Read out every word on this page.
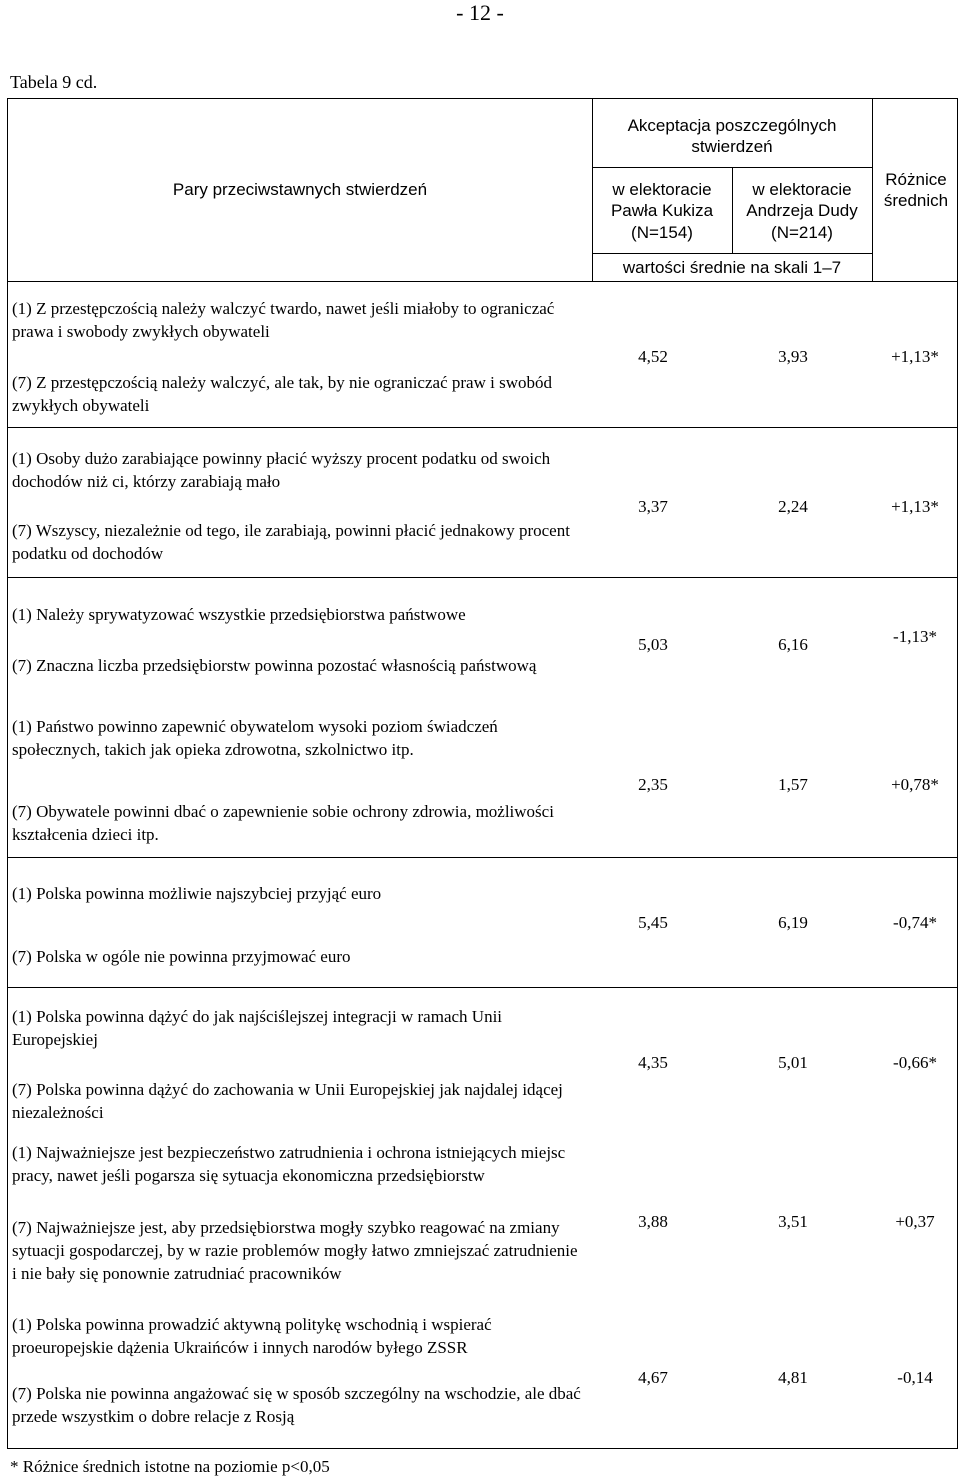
- 12 -
Tabela 9 cd.
Pary przeciwstawnych stwierdzeń
Akceptacja poszczególnych stwierdzeń
w elektoracie Pawła Kukiza (N=154)
w elektoracie Andrzeja Dudy (N=214)
wartości średnie na skali 1–7
Różnice średnich
(1) Z przestępczością należy walczyć twardo, nawet jeśli miałoby to ograniczać prawa i swobody zwykłych obywateli
(7) Z przestępczością należy walczyć, ale tak, by nie ograniczać praw i swobód zwykłych obywateli
4,52	3,93	+1,13*
(1) Osoby dużo zarabiające powinny płacić wyższy procent podatku od swoich dochodów niż ci, którzy zarabiają mało
(7) Wszyscy, niezależnie od tego, ile zarabiają, powinni płacić jednakowy procent podatku od dochodów
3,37	2,24	+1,13*
(1) Należy sprywatyzować wszystkie przedsiębiorstwa państwowe
(7) Znaczna liczba przedsiębiorstw powinna pozostać własnością państwową
5,03	6,16	-1,13*
(1) Państwo powinno zapewnić obywatelom wysoki poziom świadczeń społecznych, takich jak opieka zdrowotna, szkolnictwo itp.
(7) Obywatele powinni dbać o zapewnienie sobie ochrony zdrowia, możliwości kształcenia dzieci itp.
2,35	1,57	+0,78*
(1) Polska powinna możliwie najszybciej przyjąć euro
(7) Polska w ogóle nie powinna przyjmować euro
5,45	6,19	-0,74*
(1) Polska powinna dążyć do jak najściślejszej integracji w ramach Unii Europejskiej
(7) Polska powinna dążyć do zachowania w Unii Europejskiej jak najdalej idącej niezależności
4,35	5,01	-0,66*
(1) Najważniejsze jest bezpieczeństwo zatrudnienia i ochrona istniejących miejsc pracy, nawet jeśli pogarsza się sytuacja ekonomiczna przedsiębiorstw
(7) Najważniejsze jest, aby przedsiębiorstwa mogły szybko reagować na zmiany sytuacji gospodarczej, by w razie problemów mogły łatwo zmniejszać zatrudnienie i nie bały się ponownie zatrudniać pracowników
3,88	3,51	+0,37
(1) Polska powinna prowadzić aktywną politykę wschodnią i wspierać proeuropejskie dążenia Ukraińców i innych narodów byłego ZSSR
(7) Polska nie powinna angażować się w sposób szczególny na wschodzie, ale dbać przede wszystkim o dobre relacje z Rosją
4,67	4,81	-0,14
* Różnice średnich istotne na poziomie p<0,05
